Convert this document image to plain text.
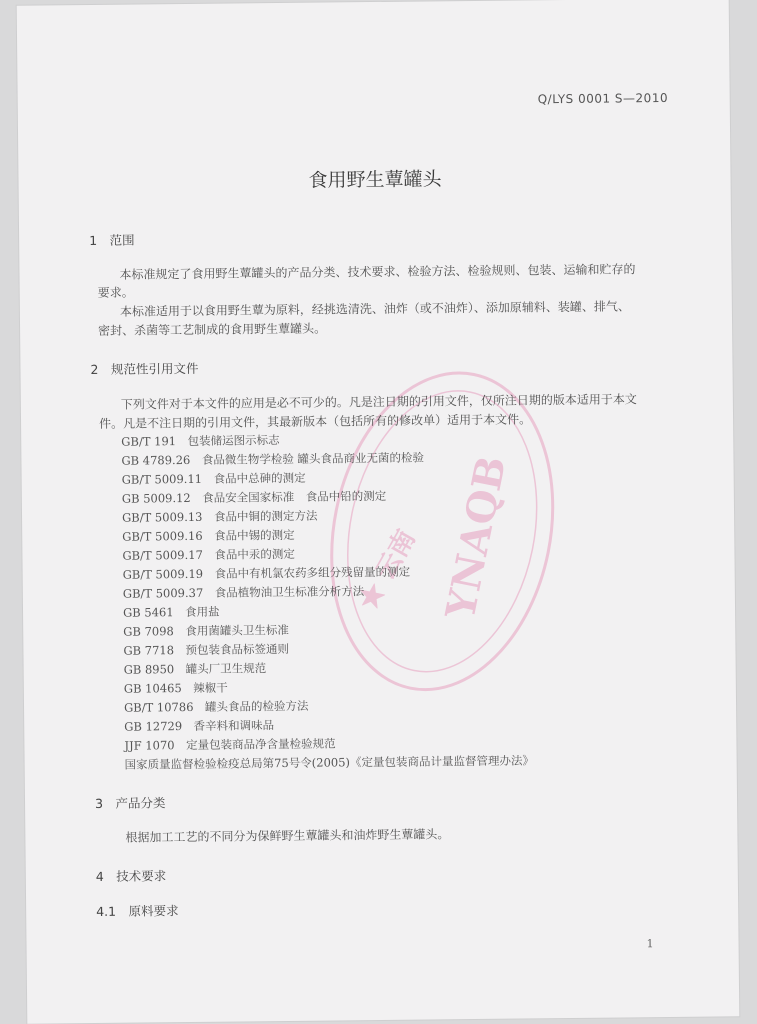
YNAQB
★ 云南
Q/LYS 0001 S—2010
食用野生蕈罐头
1　范围
本标准规定了食用野生蕈罐头的产品分类、技术要求、检验方法、检验规则、包装、运输和贮存的
要求。
本标准适用于以食用野生蕈为原料，经挑选清洗、油炸（或不油炸）、添加原辅料、装罐、排气、
密封、杀菌等工艺制成的食用野生蕈罐头。
2　规范性引用文件
下列文件对于本文件的应用是必不可少的。凡是注日期的引用文件，仅所注日期的版本适用于本文
件。凡是不注日期的引用文件，其最新版本（包括所有的修改单）适用于本文件。
GB/T 191　包装储运图示标志
GB 4789.26　食品微生物学检验 罐头食品商业无菌的检验
GB/T 5009.11　食品中总砷的测定
GB 5009.12　食品安全国家标准　食品中铅的测定
GB/T 5009.13　食品中铜的测定方法
GB/T 5009.16　食品中锡的测定
GB/T 5009.17　食品中汞的测定
GB/T 5009.19　食品中有机氯农药多组分残留量的测定
GB/T 5009.37　食品植物油卫生标准分析方法
GB 5461　食用盐
GB 7098　食用菌罐头卫生标准
GB 7718　预包装食品标签通则
GB 8950　罐头厂卫生规范
GB 10465　辣椒干
GB/T 10786　罐头食品的检验方法
GB 12729　香辛料和调味品
JJF 1070　定量包装商品净含量检验规范
国家质量监督检验检疫总局第75号令(2005)《定量包装商品计量监督管理办法》
3　产品分类
根据加工工艺的不同分为保鲜野生蕈罐头和油炸野生蕈罐头。
4　技术要求
4.1　原料要求
1
